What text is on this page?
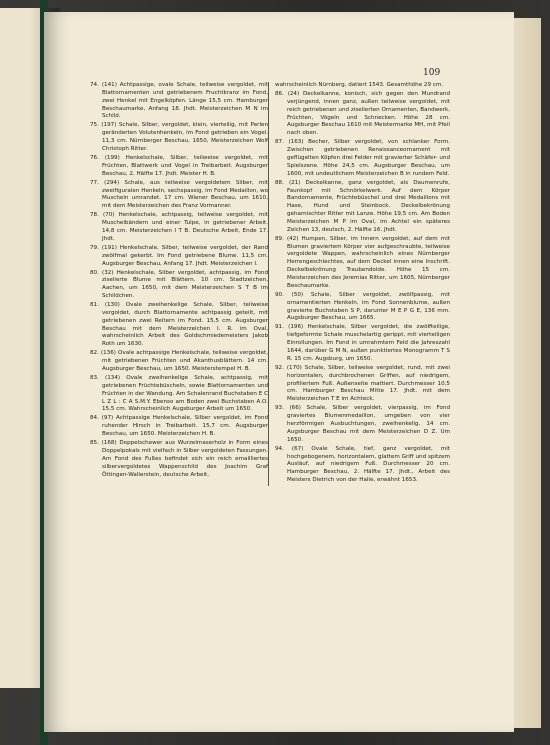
109
74. (141) Achtpassige, ovale Schale, teilweise vergoldet, mit Blattornamenten und getriebenem Fruchtkranz im Fond, zwei Henkel mit Engelköpfen. Länge 15,5 cm. Hamburger Beschaumarke, Anfang 18. Jhdt. Meisterzeichen M N im Schild.
75. (197) Schale, Silber, vergoldet, klein, vierteilig, mit Perlen geränderten Volutenhenkeln, im Fond getrieben ein Vogel. 11,3 cm. Nürnberger Beschau, 1650, Meisterzeichen Wolf Christoph Ritter.
76. (199) Henkelschale, Silber, teilweise vergoldet, mit Früchten, Blattwerk und Vogel in Treibarbeit. Augsburger Beschau, 2. Hälfte 17. Jhdt. Meister H. B.
77. (294) Schale, aus teilweise vergoldetem Silber, mit zweifiguralen Henkeln, sechspassig, im Fond Medaillon, wo Muscheln umrandet. 17 cm. Wiener Beschau, um 1610, mit dem Meisterzeichen des Franz Vormanner.
78. (70) Henkelschale, achtpassig, teilweise vergoldet, mit Muschelbändern und einer Tulpe, in getriebener Arbeit. 14,8 cm. Meisterzeichen I T B. Deutsche Arbeit, Ende 17. Jhdt.
79. (191) Henkelschale, Silber, teilweise vergoldet, der Rand zwölfmal gekerbt. Im Fond getriebene Blume. 11,5 cm. Augsburger Beschau, Anfang 17. Jhdt. Meisterzeichen I.
80. (32) Henkelschale, Silber vergoldet, achtpassig, im Fond ziselierte Blume mit Blättern. 10 cm. Stadtzeichen, Aachen, um 1650, mit dem Meisterzeichen S T B im Schildchen.
81. (130) Ovale zweihenkelige Schale, Silber, teilweise vergoldet, durch Blattornamente achtpassig geteilt, mit getriebenen zwei Reitern im Fond. 15,5 cm. Augsburger Beschau mit dem Meisterzeichen I. R. im Oval, wahrscheinlich Arbeit des Goldschmiedemeisters Jakob Roth um 1630.
82. (136) Ovale achtpassige Henkelschale, teilweise vergoldet, mit getriebenen Früchten und Akanthusblättern. 14 cm. Augsburger Beschau, um 1650. Meisterstempel H. B.
83. (134) Ovale zweihenkelige Schale, achtpassig, mit getriebenen Früchtebüscheln, sowie Blattornamenten und Früchten in der Wandung. Am Schalenrand Buchstaben E C L Z L : C A S.M.Y. Ebenso am Boden zwei Buchstaben A.O. 15,5 cm. Wahrscheinlich Augsburger Arbeit um 1650.
84. (97) Achtpassige Henkelschale, Silber vergoldet, im Fond ruhender Hirsch in Treibarbeit. 15,7 cm. Augsburger Beschau, um 1650. Meisterzeichen H. B.
85. (168) Doppelschewer aus Wurzelmaserholz in Form eines Doppelpokals mit vielfach in Silber vergoldeten Fassungen. Am Fond des Fußes befindet sich ein reich emailliertes silbervergoldetes Wappenschild des Joachim Graf Öttingen-Wallerstein, deutsche Arbeit,
wahrscheinlich Nürnberg, datiert 1543. Gesamthöhe 29 cm.
86. (24) Deckelkanne, konisch, sich gegen den Mundrand verjüngend, innen ganz, außen teilweise vergoldet, mit reich getriebenen und ziselierten Ornamenten, Bandwerk, Früchten, Vögeln und Schnecken. Höhe 28 cm. Augsburger Beschau 1610 mit Meistermarke MH, mit Pfeil nach oben.
87. (163) Becher, Silber vergoldet, von schlanker Form. Zwischen getriebenen Renaissanceornament mit geflügelten Köpfen drei Felder mit gravierter Schäfer- und Spielszene. Höhe 24,5 cm. Augsburger Beschau, um 1600, mit undeutlichem Meisterzeichen B in rundem Feld.
88. (21) Deckelkanne, ganz vergoldet, als Daumenrufe, Faunkopf mit Schnörkelwerk. Auf dem Körper Bandornamente, Früchtebüschel und drei Medaillons mit Hase, Hund und Steinbock. Deckelbekrönung geharnischter Ritter mit Lanze. Höhe 19,5 cm. Am Boden Meisterzeichen M P im Oval, im Achtel ein späteres Zeichen 13, deutsch, 2. Hälfte 16. Jhdt.
89. (42) Humpen, Silber, im Innern vergoldet, auf dem mit Blumen graviertem Körper vier aufgeschraubte, teilweise vergoldete Wappen, wahrscheinlich eines Nürnberger Herrengeschlechtes, auf dem Deckel innen eine Inschrift. Deckelbekrönung Traubendolde. Höhe 15 cm. Meisterzeichen des Jeremias Ritter, um 1605, Nürnberger Beschaumarke.
90. (50) Schale, Silber vergoldet, zwölfpassig, mit ornamentierten Henkeln, im Fond Sonnenblume, außen gravierte Buchstaben S P, darunter M E P G E, 136 mm. Augsburger Beschau, um 1665.
91. (196) Henkelschale, Silber vergoldet, die zwölfteilige, tiefgeformte Schale muschelartig gerippt, mit vierteiligen Einrollungen. Im Fond in umrahmtem Feld die Jahreszahl 1644, darüber G M N, außen punktiertes Monogramm T S R. 15 cm. Augsburg, um 1650.
92. (170) Schale, Silber, teilweise vergoldet, rund, mit zwei horizontalen, durchbrochenen Griffen, auf niedrigem, profiliertem Fuß. Außenseite mattiert. Durchmesser 10,5 cm. Hamburger Beschau Mitte 17. Jhdt. mit dem Meisterzeichen T E im Achteck.
93. (66) Schale, Silber vergoldet, vierpassig, im Fond graviertes Blumenmedaillon, umgeben von vier herzförmigen Ausbuchtungen, zweihenkelig, 14 cm. Augsburger Beschau mit dem Meisterzeichen D Z. Um 1650.
94. (67) Ovale Schale, tief, ganz vergoldet, mit hochgebogenem, horizontalem, glattem Griff und spitzem Ausläuf, auf niedrigem Fuß. Durchmesser 20 cm. Hamburger Beschau, 2. Hälfte 17. Jhdt., Arbeit des Meisters Dietrich von der Halle, erwähnt 1653.
